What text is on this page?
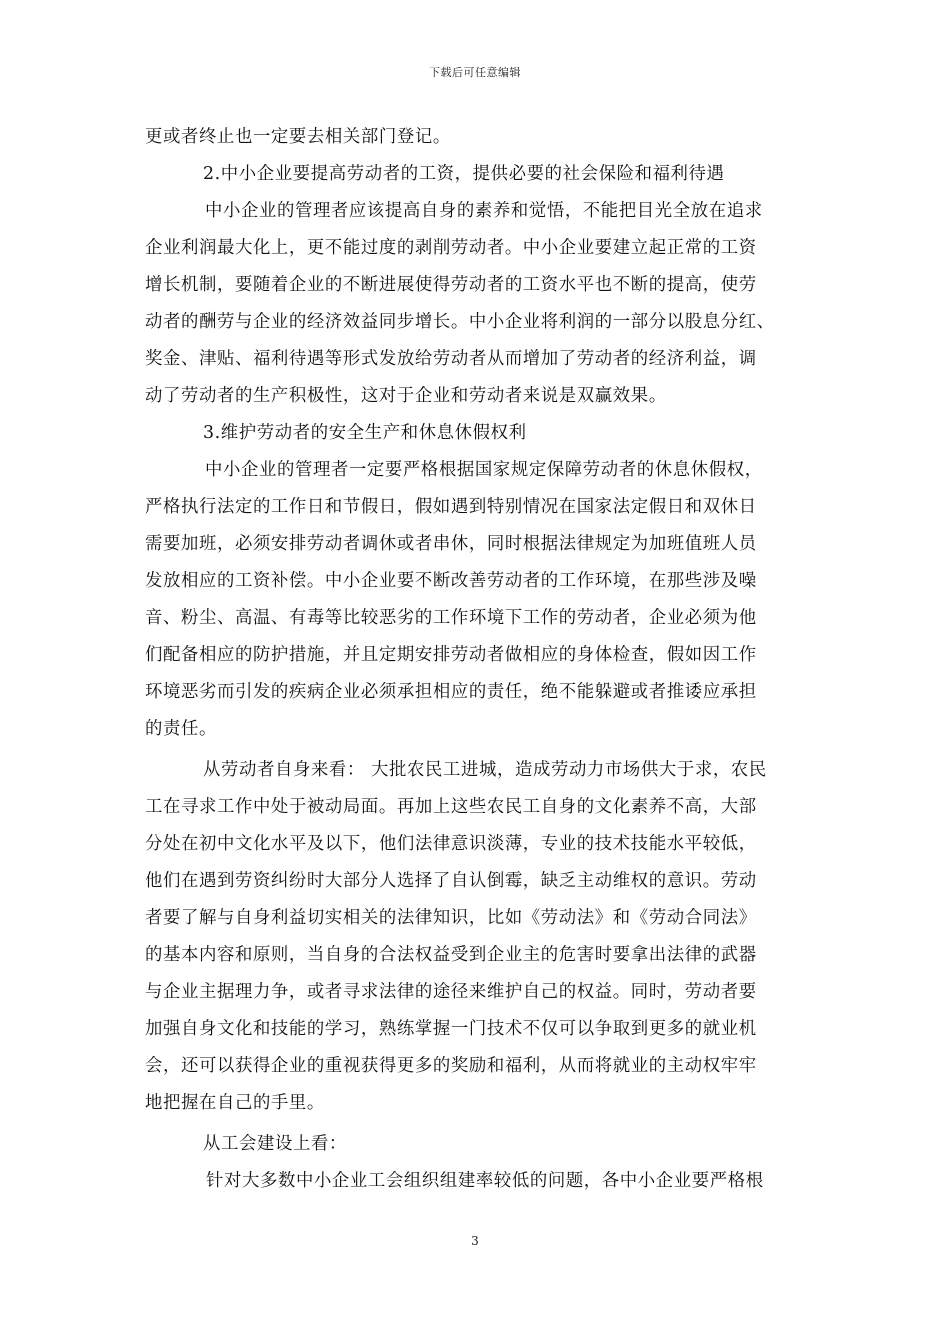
下载后可任意编辑
更或者终止也一定要去相关部门登记。
2.中小企业要提高劳动者的工资，提供必要的社会保险和福利待遇
中小企业的管理者应该提高自身的素养和觉悟，不能把目光全放在追求
企业利润最大化上，更不能过度的剥削劳动者。中小企业要建立起正常的工资
增长机制，要随着企业的不断进展使得劳动者的工资水平也不断的提高，使劳
动者的酬劳与企业的经济效益同步增长。中小企业将利润的一部分以股息分红、
奖金、津贴、福利待遇等形式发放给劳动者从而增加了劳动者的经济利益，调
动了劳动者的生产积极性，这对于企业和劳动者来说是双赢效果。
3.维护劳动者的安全生产和休息休假权利
中小企业的管理者一定要严格根据国家规定保障劳动者的休息休假权，
严格执行法定的工作日和节假日，假如遇到特别情况在国家法定假日和双休日
需要加班，必须安排劳动者调休或者串休，同时根据法律规定为加班值班人员
发放相应的工资补偿。中小企业要不断改善劳动者的工作环境，在那些涉及噪
音、粉尘、高温、有毒等比较恶劣的工作环境下工作的劳动者，企业必须为他
们配备相应的防护措施，并且定期安排劳动者做相应的身体检查，假如因工作
环境恶劣而引发的疾病企业必须承担相应的责任，绝不能躲避或者推诿应承担
的责任。
从劳动者自身来看： 大批农民工进城，造成劳动力市场供大于求，农民
工在寻求工作中处于被动局面。再加上这些农民工自身的文化素养不高，大部
分处在初中文化水平及以下，他们法律意识淡薄，专业的技术技能水平较低，
他们在遇到劳资纠纷时大部分人选择了自认倒霉，缺乏主动维权的意识。劳动
者要了解与自身利益切实相关的法律知识，比如《劳动法》和《劳动合同法》
的基本内容和原则，当自身的合法权益受到企业主的危害时要拿出法律的武器
与企业主据理力争，或者寻求法律的途径来维护自己的权益。同时，劳动者要
加强自身文化和技能的学习，熟练掌握一门技术不仅可以争取到更多的就业机
会，还可以获得企业的重视获得更多的奖励和福利，从而将就业的主动权牢牢
地把握在自己的手里。
从工会建设上看：
针对大多数中小企业工会组织组建率较低的问题，各中小企业要严格根
3
